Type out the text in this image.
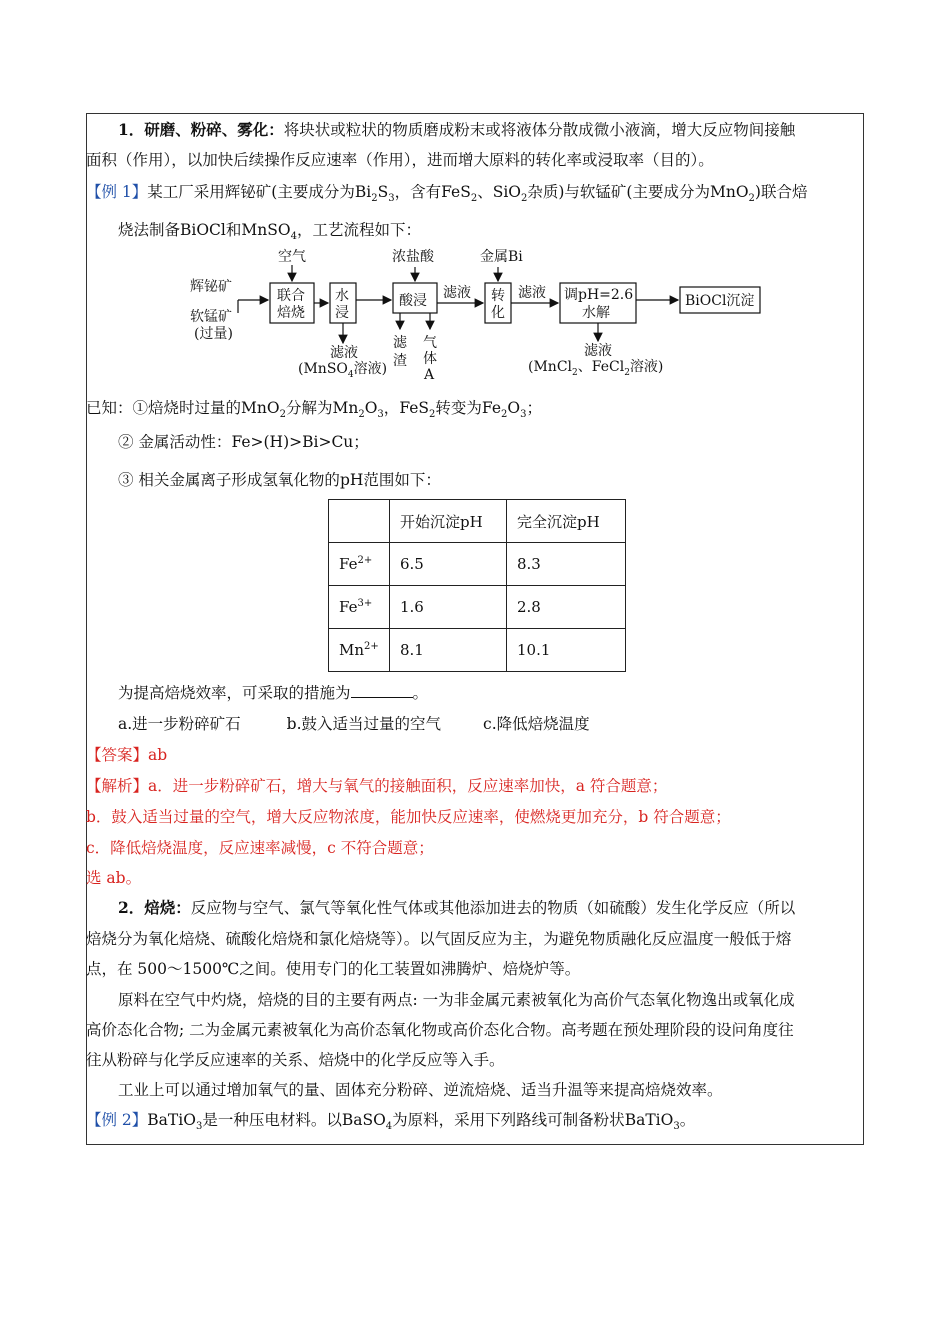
1．研磨、粉碎、雾化：将块状或粒状的物质磨成粉末或将液体分散成微小液滴，增大反应物间接触
面积（作用），以加快后续操作反应速率（作用），进而增大原料的转化率或浸取率（目的）。
【例 1】某工厂采用辉铋矿(主要成分为$Bi_2S_3$，含有FeS$_2$、SiO$_2$杂质)与软锰矿(主要成分为MnO$_2$)联合焙
烧法制备BiOCl和MnSO$_4$，工艺流程如下：
空气
辉铋矿
软锰矿
(过量)
联合
焙烧
水
浸
滤液
(MnSO$_4$溶液)
浓盐酸
酸浸
滤
渣
气
体
A
滤液
金属Bi
转
化
滤液 调pH=2.6
水解
滤液
(MnCl$_2$、FeCl$_2$溶液)
BiOCl沉淀
已知：①焙烧时过量的MnO$_2$分解为$Mn_2O_3$，FeS$_2$转变为$Fe_2O_3$；
② 金属活动性：Fe>(H)>Bi>Cu；
③ 相关金属离子形成氢氧化物的pH范围如下：
	开始沉淀pH	完全沉淀pH
$Fe^{2+}$	6.5	8.3
$Fe^{3+}$	1.6	2.8
$Mn^{2+}$	8.1	10.1
为提高焙烧效率，可采取的措施为	。
a.进一步粉碎矿石	b.鼓入适当过量的空气	c.降低焙烧温度
【答案】ab
【解析】a．进一步粉碎矿石，增大与氧气的接触面积，反应速率加快，a 符合题意；
b．鼓入适当过量的空气，增大反应物浓度，能加快反应速率，使燃烧更加充分，b 符合题意；
c．降低焙烧温度，反应速率减慢，c 不符合题意；
选 ab。
2．焙烧：反应物与空气、氯气等氧化性气体或其他添加进去的物质（如硫酸）发生化学反应（所以
焙烧分为氧化焙烧、硫酸化焙烧和氯化焙烧等）。以气固反应为主，为避免物质融化反应温度一般低于熔
点，在 500～1500℃之间。使用专门的化工装置如沸腾炉、焙烧炉等。
原料在空气中灼烧，焙烧的目的主要有两点: 一为非金属元素被氧化为高价气态氧化物逸出或氧化成
高价态化合物; 二为金属元素被氧化为高价态氧化物或高价态化合物。高考题在预处理阶段的设问角度往
往从粉碎与化学反应速率的关系、焙烧中的化学反应等入手。
工业上可以通过增加氧气的量、固体充分粉碎、逆流焙烧、适当升温等来提高焙烧效率。
【例 2】BaTiO$_3$是一种压电材料。以BaSO$_4$为原料，采用下列路线可制备粉状BaTiO$_3$。
